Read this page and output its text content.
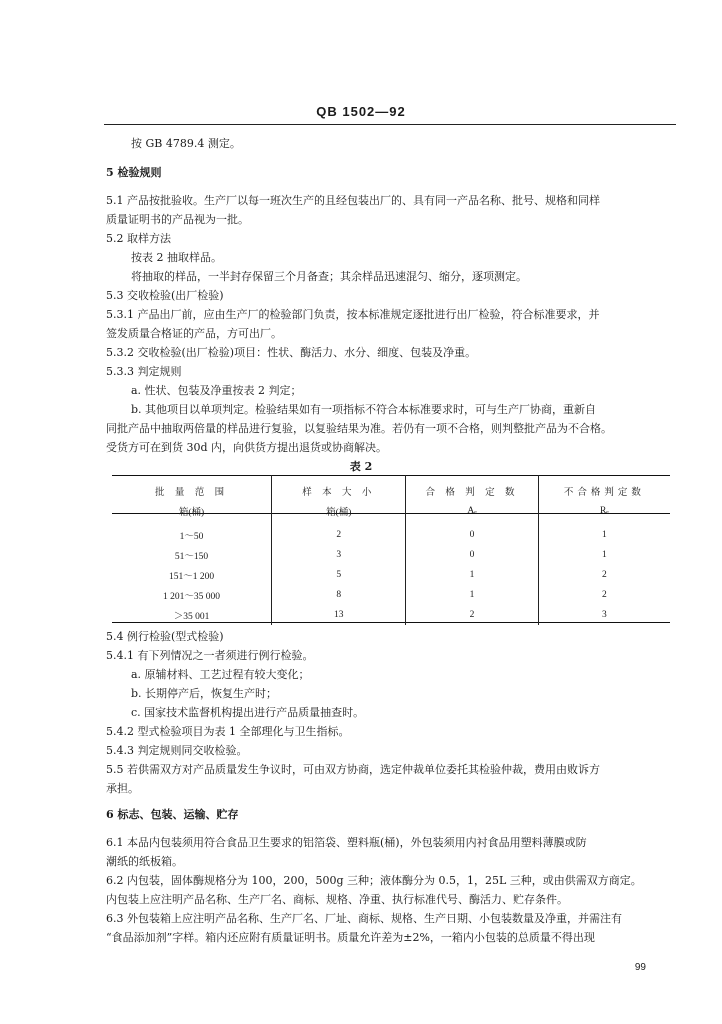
QB 1502—92
按 GB 4789.4 测定。
5 检验规则
5.1 产品按批验收。生产厂以每一班次生产的且经包装出厂的、具有同一产品名称、批号、规格和同样
质量证明书的产品视为一批。
5.2 取样方法
按表 2 抽取样品。
将抽取的样品，一半封存保留三个月备查；其余样品迅速混匀、缩分，逐项测定。
5.3 交收检验(出厂检验)
5.3.1 产品出厂前，应由生产厂的检验部门负责，按本标准规定逐批进行出厂检验，符合标准要求，并
签发质量合格证的产品，方可出厂。
5.3.2 交收检验(出厂检验)项目：性状、酶活力、水分、细度、包装及净重。
5.3.3 判定规则
a. 性状、包装及净重按表 2 判定；
b. 其他项目以单项判定。检验结果如有一项指标不符合本标准要求时，可与生产厂协商，重新自
同批产品中抽取两倍量的样品进行复验，以复验结果为准。若仍有一项不合格，则判整批产品为不合格。
受货方可在到货 30d 内，向供货方提出退货或协商解决。
5.4 例行检验(型式检验)
5.4.1 有下列情况之一者须进行例行检验。
a. 原辅材料、工艺过程有较大变化；
b. 长期停产后，恢复生产时；
c. 国家技术监督机构提出进行产品质量抽查时。
5.4.2 型式检验项目为表 1 全部理化与卫生指标。
5.4.3 判定规则同交收检验。
5.5 若供需双方对产品质量发生争议时，可由双方协商，选定仲裁单位委托其检验仲裁，费用由败诉方
承担。
6 标志、包装、运输、贮存
6.1 本品内包装须用符合食品卫生要求的铝箔袋、塑料瓶(桶)，外包装须用内衬食品用塑料薄膜或防
潮纸的纸板箱。
6.2 内包装，固体酶规格分为 100，200，500g 三种；液体酶分为 0.5，1，25L 三种，或由供需双方商定。
内包装上应注明产品名称、生产厂名、商标、规格、净重、执行标准代号、酶活力、贮存条件。
6.3 外包装箱上应注明产品名称、生产厂名、厂址、商标、规格、生产日期、小包装数量及净重，并需注有
“食品添加剂”字样。箱内还应附有质量证明书。质量允许差为±2%，一箱内小包装的总质量不得出现
表 2
批 量 范 围	样 本 大 小	合 格 判 定 数	不合格判定数
箱(桶)	箱(桶)	Aₑ	Rₑ
1～50	2	0	1
51～150	3	0	1
151～1 200	5	1	2
1 201～35 000	8	1	2
＞35 001	13	2	3
99
